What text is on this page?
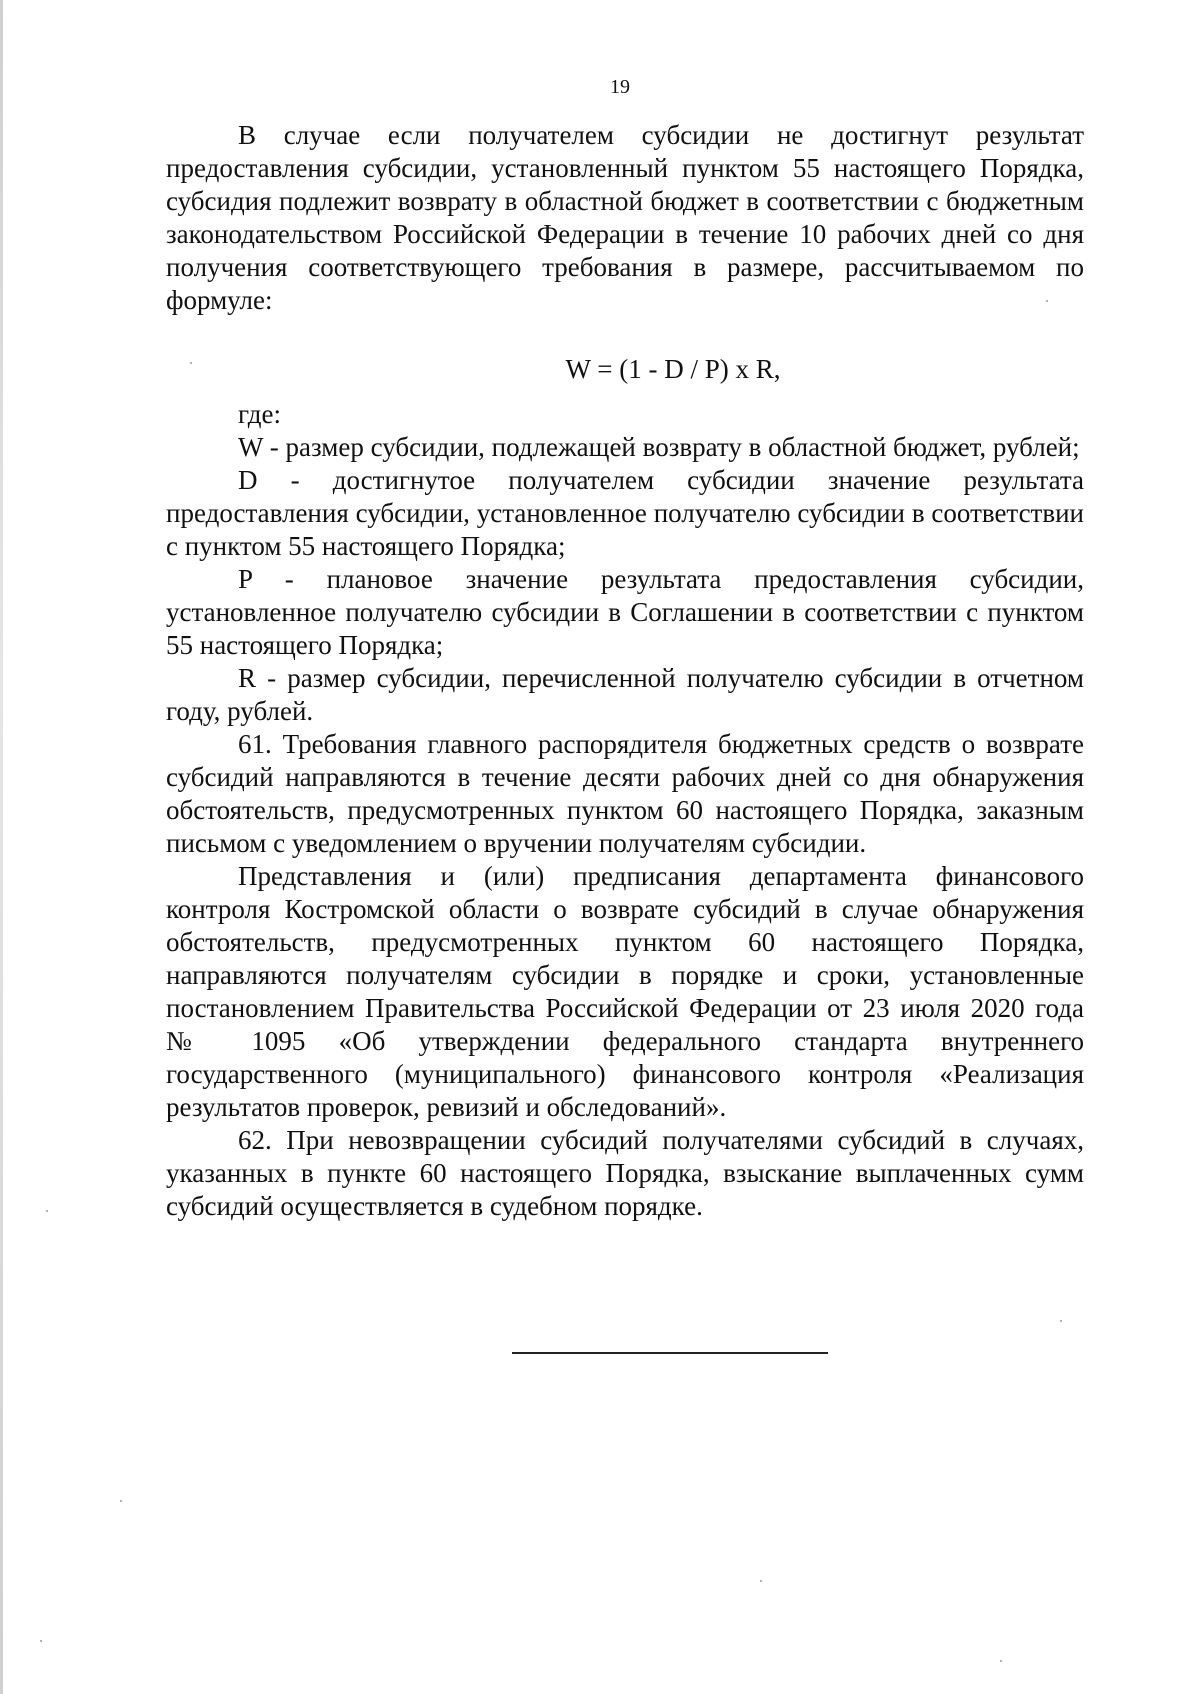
19

В случае если получателем субсидии не достигнут результат предоставления субсидии, установленный пунктом 55 настоящего Порядка, субсидия подлежит возврату в областной бюджет в соответствии с бюджетным законодательством Российской Федерации в течение 10 рабочих дней со дня получения соответствующего требования в размере, рассчитываемом по формуле:

W = (1 - D / P) x R,

где:

W - размер субсидии, подлежащей возврату в областной бюджет, рублей;

D - достигнутое получателем субсидии значение результата предоставления субсидии, установленное получателю субсидии в соответствии с пунктом 55 настоящего Порядка;

P - плановое значение результата предоставления субсидии, установленное получателю субсидии в Соглашении в соответствии с пунктом 55 настоящего Порядка;

R - размер субсидии, перечисленной получателю субсидии в отчетном году, рублей.

61. Требования главного распорядителя бюджетных средств о возврате субсидий направляются в течение десяти рабочих дней со дня обнаружения обстоятельств, предусмотренных пунктом 60 настоящего Порядка, заказным письмом с уведомлением о вручении получателям субсидии.

Представления и (или) предписания департамента финансового контроля Костромской области о возврате субсидий в случае обнаружения обстоятельств, предусмотренных пунктом 60 настоящего Порядка, направляются получателям субсидии в порядке и сроки, установленные постановлением Правительства Российской Федерации от 23 июля 2020 года № 1095 «Об утверждении федерального стандарта внутреннего государственного (муниципального) финансового контроля «Реализация результатов проверок, ревизий и обследований».

62. При невозвращении субсидий получателями субсидий в случаях, указанных в пункте 60 настоящего Порядка, взыскание выплаченных сумм субсидий осуществляется в судебном порядке.
